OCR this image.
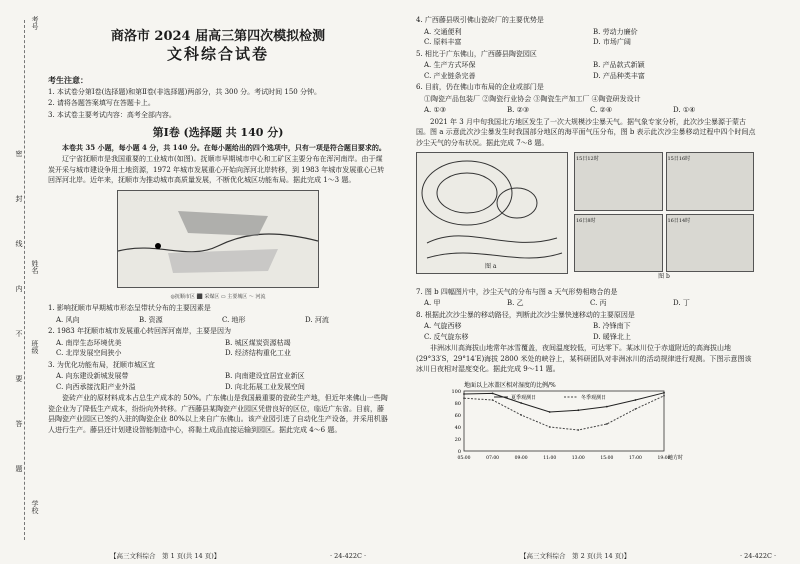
考号
姓名
班级
学校
密
封
线
内
不
要
答
题
商洛市 2024 届高三第四次模拟检测
文科综合试卷
考生注意：
1. 本试卷分第Ⅰ卷(选择题)和第Ⅱ卷(非选择题)两部分，共 300 分。考试时间 150 分钟。
2. 请将各题答案填写在答题卡上。
3. 本试卷主要考试内容：高考全部内容。
第Ⅰ卷 (选择题 共 140 分)
本卷共 35 小题，每小题 4 分，共 140 分。在每小题给出的四个选项中，只有一项是符合题目要求的。
辽宁省抚顺市是我国重要的工业城市(如图)。抚顺市早期城市中心和工矿区主要分布在浑河南岸。由于煤炭开采与城市建设争用土地资源，1972 年城市发展重心开始向浑河北岸转移，到 1983 年城市发展重心已转回浑河北岸。近年来，抚顺市为推动城市高质量发展，不断优化城区功能布局。据此完成 1～3 题。
◎抚顺市区 ⬛ 采煤区 ▭ 主要城区 ～ 河流
1. 影响抚顺市早期城市形态呈带状分布的主要因素是
A. 风向	B. 资源	C. 地形	D. 河流
2. 1983 年抚顺市城市发展重心转回浑河南岸，主要是因为
A. 南岸生态环境优美	B. 城区煤炭资源枯竭
C. 北岸发展空间狭小	D. 经济结构重化工业
3. 为优化功能布局，抚顺市城区宜
A. 向东建设新城发展带	B. 向南建设宜居宜业新区
C. 向西承接沈阳产业外溢	D. 向北拓展工业发展空间
瓷砖产业的原材料成本占总生产成本的 50%。广东佛山是我国最重要的瓷砖生产地，但近年来佛山一些陶瓷企业为了降低生产成本，纷纷向外转移。广西藤县某陶瓷产业园区凭借良好的区位，临近广东省。目前，藤县陶瓷产业园区已签约入驻的陶瓷企业 80%以上来自广东佛山。该产业园引进了自动化生产设备，并采用机器人进行生产。藤县还计划建设智能制造中心，将黏土成品直接运输到园区。据此完成 4～6 题。
【高三文科综合　第 1 页(共 14 页)】	· 24-422C ·
4. 广西藤县吸引佛山瓷砖厂的主要优势是
A. 交通便利	B. 劳动力廉价
C. 原料丰富	D. 市场广阔
5. 相比于广东佛山，广西藤县陶瓷园区
A. 生产方式环保	B. 产品款式新颖
C. 产业链条完善	D. 产品种类丰富
6. 目前，仍在佛山市布局的企业或部门是
①陶瓷产品包装厂 ②陶瓷行业协会 ③陶瓷生产加工厂 ④陶瓷研发设计
A. ①③	B. ②③	C. ②④	D. ①④
2021 年 3 月中旬我国北方地区发生了一次大规模沙尘暴天气。据气象专家分析，此次沙尘暴源于蒙古国。图 a 示意此次沙尘暴发生时我国部分地区的海平面气压分布，图 b 表示此次沙尘暴移动过程中四个时间点沙尘天气的分布状况。据此完成 7～8 题。
图 a
15日12时	15日16时
16日8时	16日14时
图 b
7. 图 b 四幅图片中，沙尘天气的分布与图 a 天气形势相吻合的是
A. 甲	B. 乙	C. 丙	D. 丁
8. 根据此次沙尘暴的移动路径，判断此次沙尘暴快速移动的主要原因是
A. 气旋西移	B. 冷锋南下
C. 反气旋东移	D. 暖锋北上
非洲冰川高海拔山地常年冰雪覆盖，夜间温度较低，可达零下。某冰川位于赤道附近的高海拔山地(29°33′S，29°14′E)海拔 2800 米处的峡谷上，某科研团队对非洲冰川的活动规律进行观测。下图示意图该冰川日夜相对湿度变化。据此完成 9～11 题。
地面以上冰盖区相对湿度的比例/%
0
20
40
60
80
100
05:00	07:00	09:00	11:00	13:00	15:00	17:00	19:00
地方时
夏季观测日	冬季观测日
【高三文科综合　第 2 页(共 14 页)】	· 24-422C ·
